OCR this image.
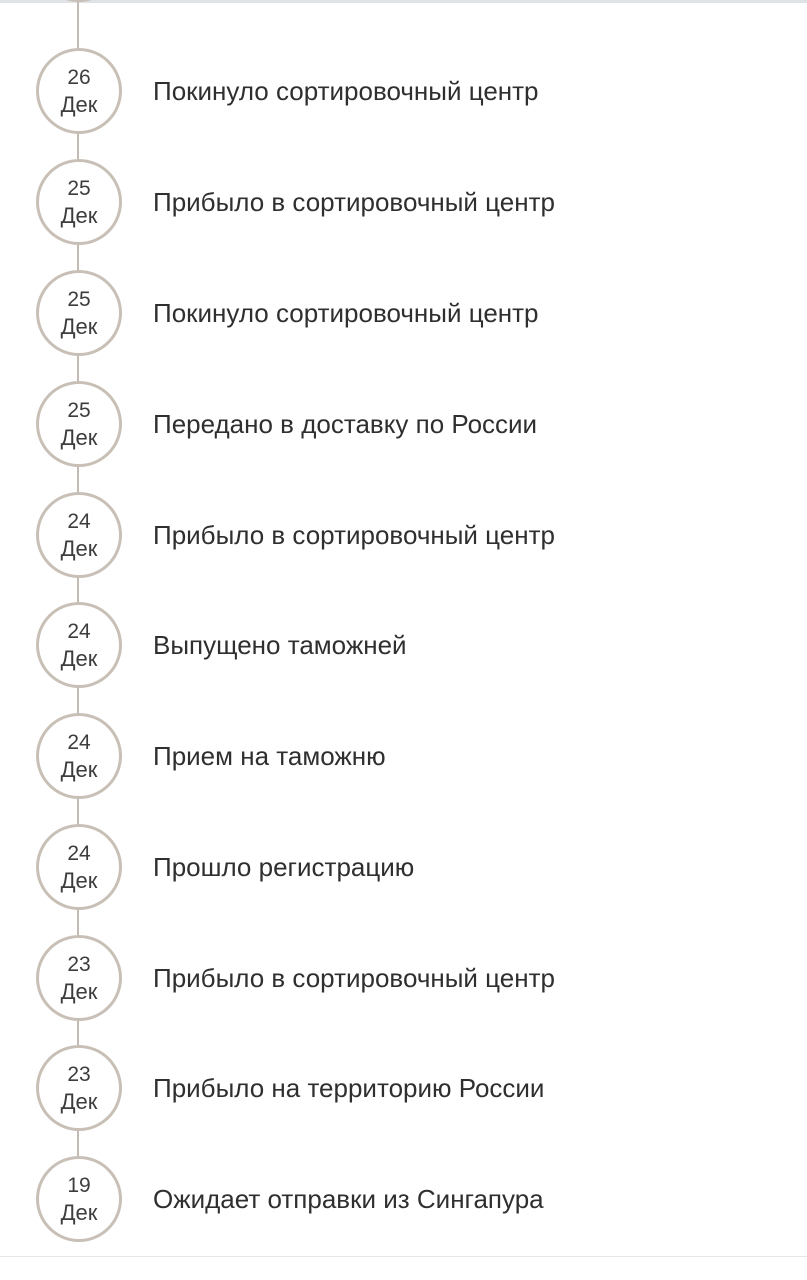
26
Дек Покинуло сортировочный центр
25
Дек Прибыло в сортировочный центр
25
Дек Покинуло сортировочный центр
25
Дек Передано в доставку по России
24
Дек Прибыло в сортировочный центр
24
Дек Выпущено таможней
24
Дек Прием на таможню
24
Дек Прошло регистрацию
23
Дек Прибыло в сортировочный центр
23
Дек Прибыло на территорию России
19
Дек Ожидает отправки из Сингапура
